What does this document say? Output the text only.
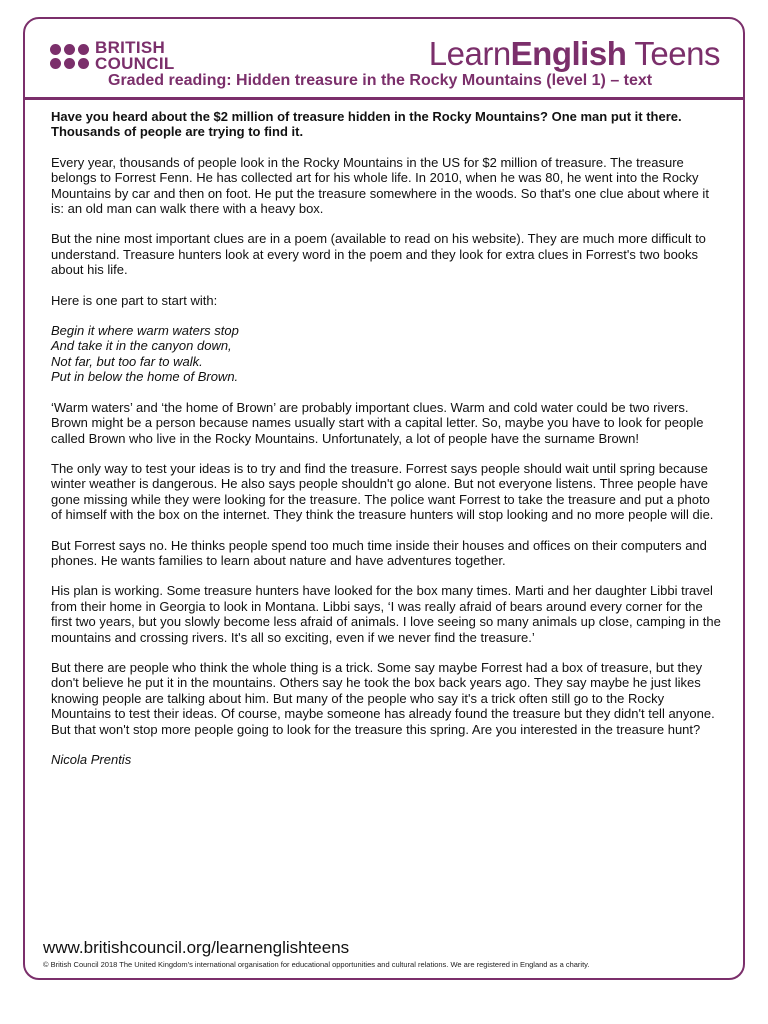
BRITISH
COUNCIL	LearnEnglish Teens
Graded reading: Hidden treasure in the Rocky Mountains (level 1) – text

Have you heard about the $2 million of treasure hidden in the Rocky Mountains? One man put it there. Thousands of people are trying to find it.

Every year, thousands of people look in the Rocky Mountains in the US for $2 million of treasure. The treasure belongs to Forrest Fenn. He has collected art for his whole life. In 2010, when he was 80, he went into the Rocky Mountains by car and then on foot. He put the treasure somewhere in the woods. So that's one clue about where it is: an old man can walk there with a heavy box.

But the nine most important clues are in a poem (available to read on his website). They are much more difficult to understand. Treasure hunters look at every word in the poem and they look for extra clues in Forrest's two books about his life.

Here is one part to start with:

Begin it where warm waters stop
And take it in the canyon down,
Not far, but too far to walk.
Put in below the home of Brown.

‘Warm waters’ and ‘the home of Brown’ are probably important clues. Warm and cold water could be two rivers. Brown might be a person because names usually start with a capital letter. So, maybe you have to look for people called Brown who live in the Rocky Mountains. Unfortunately, a lot of people have the surname Brown!

The only way to test your ideas is to try and find the treasure. Forrest says people should wait until spring because winter weather is dangerous. He also says people shouldn't go alone. But not everyone listens. Three people have gone missing while they were looking for the treasure. The police want Forrest to take the treasure and put a photo of himself with the box on the internet. They think the treasure hunters will stop looking and no more people will die.

But Forrest says no. He thinks people spend too much time inside their houses and offices on their computers and phones. He wants families to learn about nature and have adventures together.

His plan is working. Some treasure hunters have looked for the box many times. Marti and her daughter Libbi travel from their home in Georgia to look in Montana. Libbi says, ‘I was really afraid of bears around every corner for the first two years, but you slowly become less afraid of animals. I love seeing so many animals up close, camping in the mountains and crossing rivers. It's all so exciting, even if we never find the treasure.’

But there are people who think the whole thing is a trick. Some say maybe Forrest had a box of treasure, but they don't believe he put it in the mountains. Others say he took the box back years ago. They say maybe he just likes knowing people are talking about him. But many of the people who say it's a trick often still go to the Rocky Mountains to test their ideas. Of course, maybe someone has already found the treasure but they didn't tell anyone. But that won't stop more people going to look for the treasure this spring. Are you interested in the treasure hunt?

Nicola Prentis

www.britishcouncil.org/learnenglishteens
© British Council 2018 The United Kingdom's international organisation for educational opportunities and cultural relations. We are registered in England as a charity.
